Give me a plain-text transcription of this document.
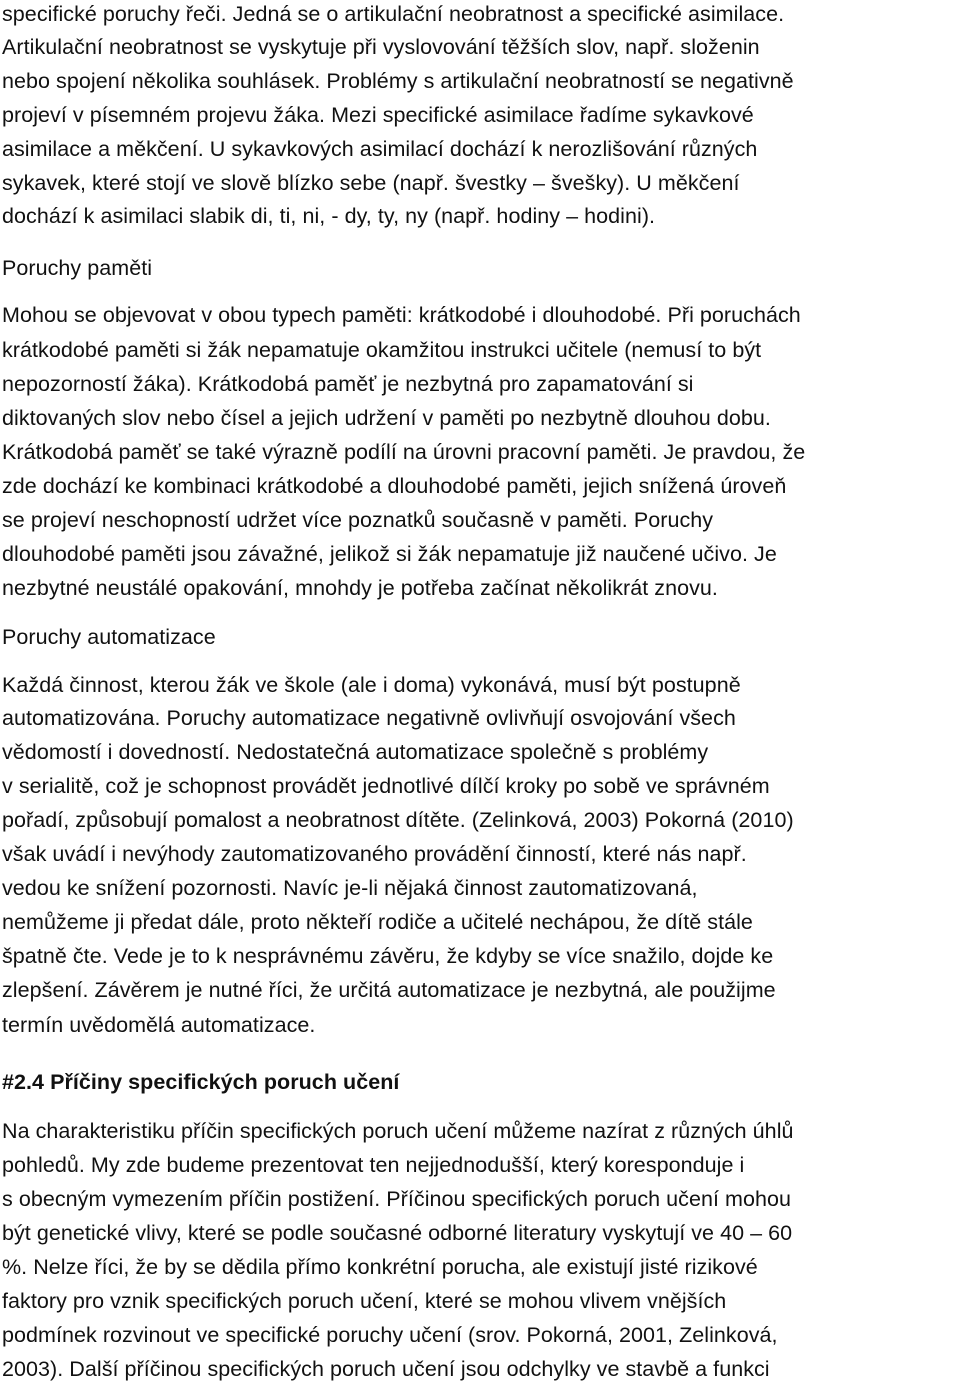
specifické poruchy řeči. Jedná se o artikulační neobratnost a specifické asimilace.
Artikulační neobratnost se vyskytuje při vyslovování těžších slov, např. složenin
nebo spojení několika souhlásek. Problémy s artikulační neobratností se negativně
projeví v písemném projevu žáka. Mezi specifické asimilace řadíme sykavkové
asimilace a měkčení. U sykavkových asimilací dochází k nerozlišování různých
sykavek, které stojí ve slově blízko sebe (např. švestky – švešky). U měkčení
dochází k asimilaci slabik di, ti, ni, - dy, ty, ny (např. hodiny – hodini).
Poruchy paměti
Mohou se objevovat v obou typech paměti: krátkodobé i dlouhodobé. Při poruchách
krátkodobé paměti si žák nepamatuje okamžitou instrukci učitele (nemusí to být
nepozorností žáka). Krátkodobá paměť je nezbytná pro zapamatování si
diktovaných slov nebo čísel a jejich udržení v paměti po nezbytně dlouhou dobu.
Krátkodobá paměť se také výrazně podílí na úrovni pracovní paměti. Je pravdou, že
zde dochází ke kombinaci krátkodobé a dlouhodobé paměti, jejich snížená úroveň
se projeví neschopností udržet více poznatků současně v paměti. Poruchy
dlouhodobé paměti jsou závažné, jelikož si žák nepamatuje již naučené učivo. Je
nezbytné neustálé opakování, mnohdy je potřeba začínat několikrát znovu.
Poruchy automatizace
Každá činnost, kterou žák ve škole (ale i doma) vykonává, musí být postupně
automatizována. Poruchy automatizace negativně ovlivňují osvojování všech
vědomostí i dovedností. Nedostatečná automatizace společně s problémy
v serialitě, což je schopnost provádět jednotlivé dílčí kroky po sobě ve správném
pořadí, způsobují pomalost a neobratnost dítěte. (Zelinková, 2003) Pokorná (2010)
však uvádí i nevýhody zautomatizovaného provádění činností, které nás např.
vedou ke snížení pozornosti. Navíc je-li nějaká činnost zautomatizovaná,
nemůžeme ji předat dále, proto někteří rodiče a učitelé nechápou, že dítě stále
špatně čte. Vede je to k nesprávnému závěru, že kdyby se více snažilo, dojde ke
zlepšení. Závěrem je nutné říci, že určitá automatizace je nezbytná, ale použijme
termín uvědomělá automatizace.
#2.4 Příčiny specifických poruch učení
Na charakteristiku příčin specifických poruch učení můžeme nazírat z různých úhlů
pohledů. My zde budeme prezentovat ten nejjednodušší, který koresponduje i
s obecným vymezením příčin postižení. Příčinou specifických poruch učení mohou
být genetické vlivy, které se podle současné odborné literatury vyskytují ve 40 – 60
%. Nelze říci, že by se dědila přímo konkrétní porucha, ale existují jisté rizikové
faktory pro vznik specifických poruch učení, které se mohou vlivem vnějších
podmínek rozvinout ve specifické poruchy učení (srov. Pokorná, 2001, Zelinková,
2003). Další příčinou specifických poruch učení jsou odchylky ve stavbě a funkci
